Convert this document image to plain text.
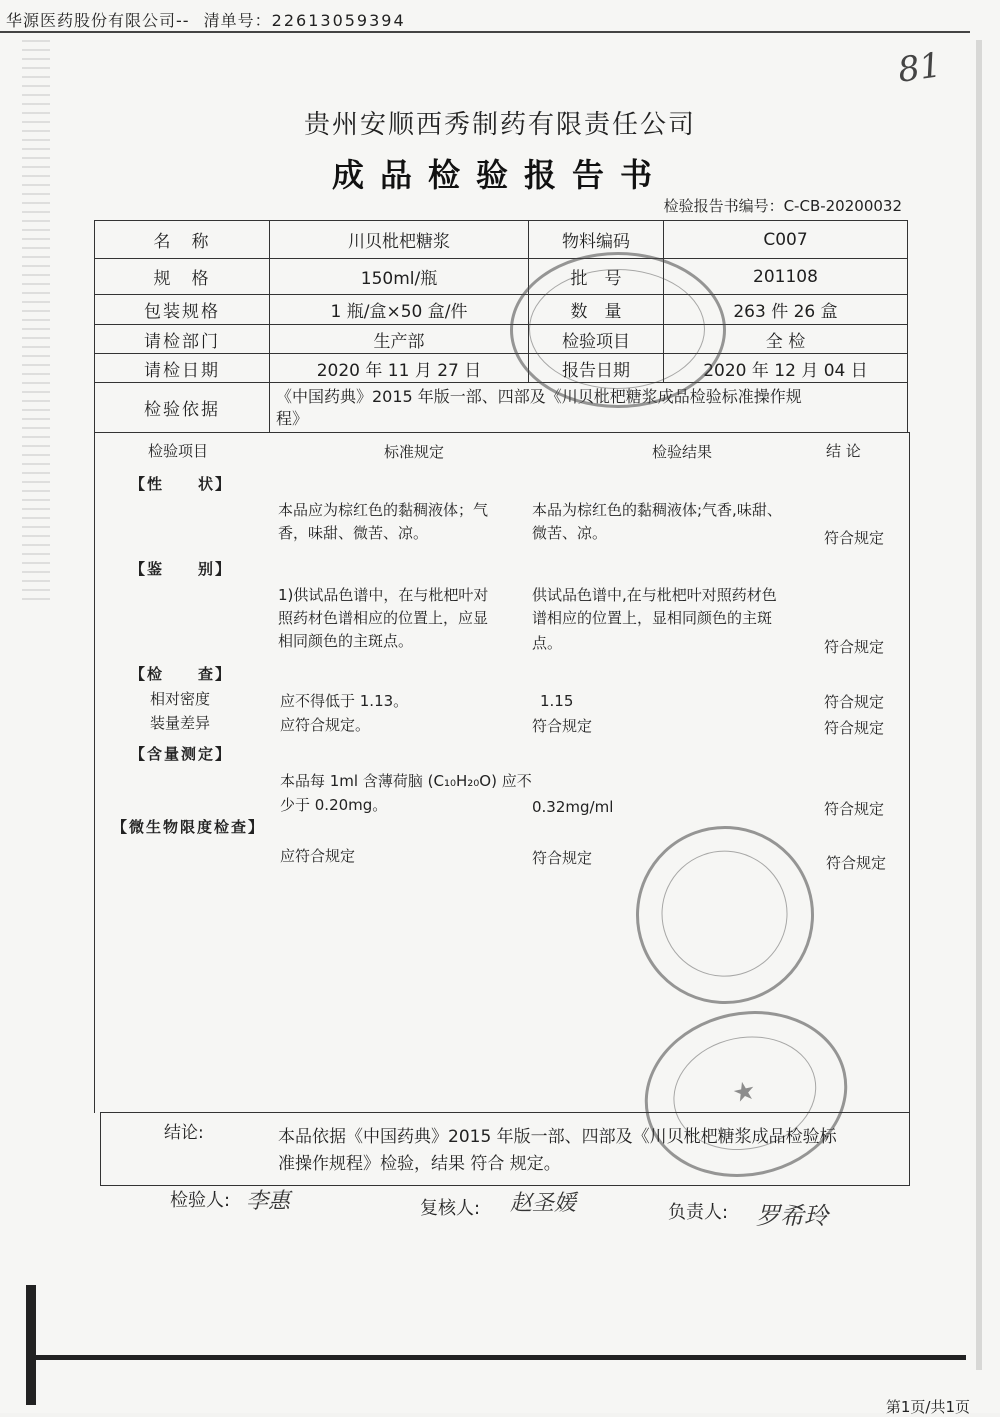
华源医药股份有限公司-- 清单号：22613059394
81
贵州安顺西秀制药有限责任公司
成品检验报告书
检验报告书编号：C-CB-20200032
名　称	川贝枇杷糖浆	物料编码	C007
规　格	150ml/瓶	批　号	201108
包装规格	1 瓶/盒×50 盒/件	数　量	263 件 26 盒
请检部门	生产部	检验项目	全 检
请检日期	2020 年 11 月 27 日	报告日期	2020 年 12 月 04 日
检验依据	《中国药典》2015 年版一部、四部及《川贝枇杷糖浆成品检验标准操作规
程》		
检验项目	标准规定	检验结果	结 论
【性　　状】
本品应为棕红色的黏稠液体；气
香，味甜、微苦、凉。
本品为棕红色的黏稠液体;气香,味甜、
微苦、凉。	符合规定
【鉴　　别】
1)供试品色谱中，在与枇杷叶对
照药材色谱相应的位置上，应显
相同颜色的主斑点。
供试品色谱中,在与枇杷叶对照药材色
谱相应的位置上，显相同颜色的主斑
点。	符合规定
【检　　查】
相对密度	应不得低于 1.13。	1.15	符合规定
装量差异	应符合规定。	符合规定	符合规定
【含量测定】
本品每 1ml 含薄荷脑 (C₁₀H₂₀O) 应不
少于 0.20mg。	0.32mg/ml	符合规定
【微生物限度检查】
应符合规定	符合规定	符合规定
★
结论:	本品依据《中国药典》2015 年版一部、四部及《川贝枇杷糖浆成品检验标
准操作规程》检验，结果 符合 规定。
检验人: 李惠	复核人: 赵圣媛	负责人: 罗希玲
第1页/共1页
